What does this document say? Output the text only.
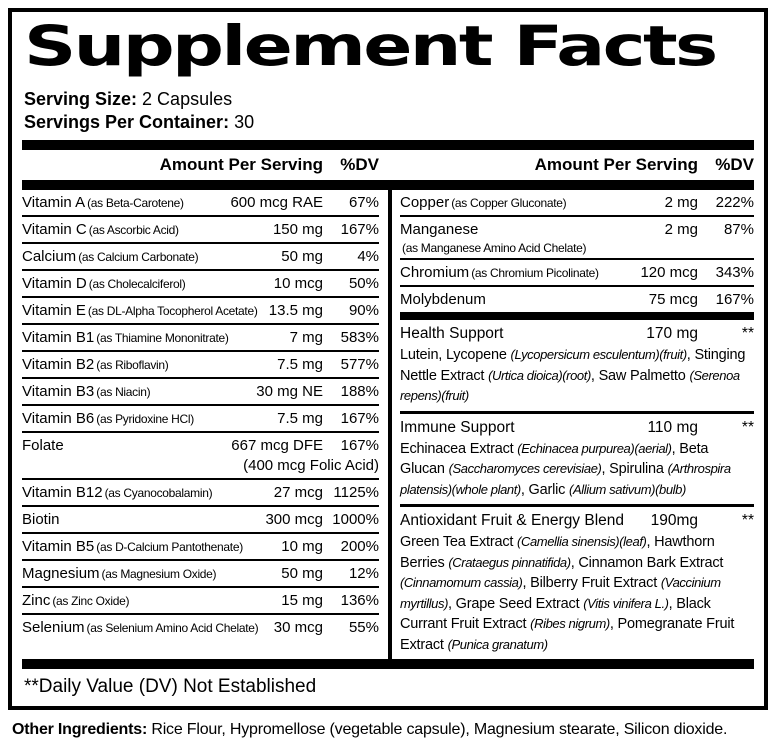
Supplement Facts
Serving Size: 2 Capsules
Servings Per Container: 30
Amount Per Serving	%DV	Amount Per Serving	%DV
Vitamin A (as Beta-Carotene)	600 mcg RAE	67%
Vitamin C (as Ascorbic Acid)	150 mg	167%
Calcium (as Calcium Carbonate)	50 mg	4%
Vitamin D (as Cholecalciferol)	10 mcg	50%
Vitamin E (as DL-Alpha Tocopherol Acetate) 13.5 mg	90%
Vitamin B1 (as Thiamine Mononitrate)	7 mg	583%
Vitamin B2 (as Riboflavin)	7.5 mg	577%
Vitamin B3 (as Niacin)	30 mg NE	188%
Vitamin B6 (as Pyridoxine HCl)	7.5 mg	167%
Folate	667 mcg DFE	167%
(400 mcg Folic Acid)
Vitamin B12 (as Cyanocobalamin)	27 mcg 1125%
Biotin	300 mcg 1000%
Vitamin B5 (as D-Calcium Pantothenate)	10 mg	200%
Magnesium (as Magnesium Oxide)	50 mg	12%
Zinc (as Zinc Oxide)	15 mg	136%
Selenium (as Selenium Amino Acid Chelate)	30 mcg	55%
Copper (as Copper Gluconate)	2 mg	222%
Manganese
(as Manganese Amino Acid Chelate)
2 mg	87%
Chromium (as Chromium Picolinate)	120 mcg	343%
Molybdenum	75 mcg	167%
Health Support	170 mg	**
Lutein, Lycopene (Lycopersicum esculentum)(fruit), Stinging Nettle Extract (Urtica dioica)(root), Saw Palmetto (Serenoa repens)(fruit)
Immune Support	110 mg	**
Echinacea Extract (Echinacea purpurea)(aerial), Beta Glucan (Saccharomyces cerevisiae), Spirulina (Arthrospira platensis)(whole plant), Garlic (Allium sativum)(bulb)
Antioxidant Fruit & Energy Blend	190mg	**
Green Tea Extract (Camellia sinensis)(leaf), Hawthorn Berries (Crataegus pinnatifida), Cinnamon Bark Extract (Cinnamomum cassia), Bilberry Fruit Extract (Vaccinium myrtillus), Grape Seed Extract (Vitis vinifera L.), Black Currant Fruit Extract (Ribes nigrum), Pomegranate Fruit Extract (Punica granatum)
**Daily Value (DV) Not Established
Other Ingredients: Rice Flour, Hypromellose (vegetable capsule), Magnesium stearate, Silicon dioxide.
